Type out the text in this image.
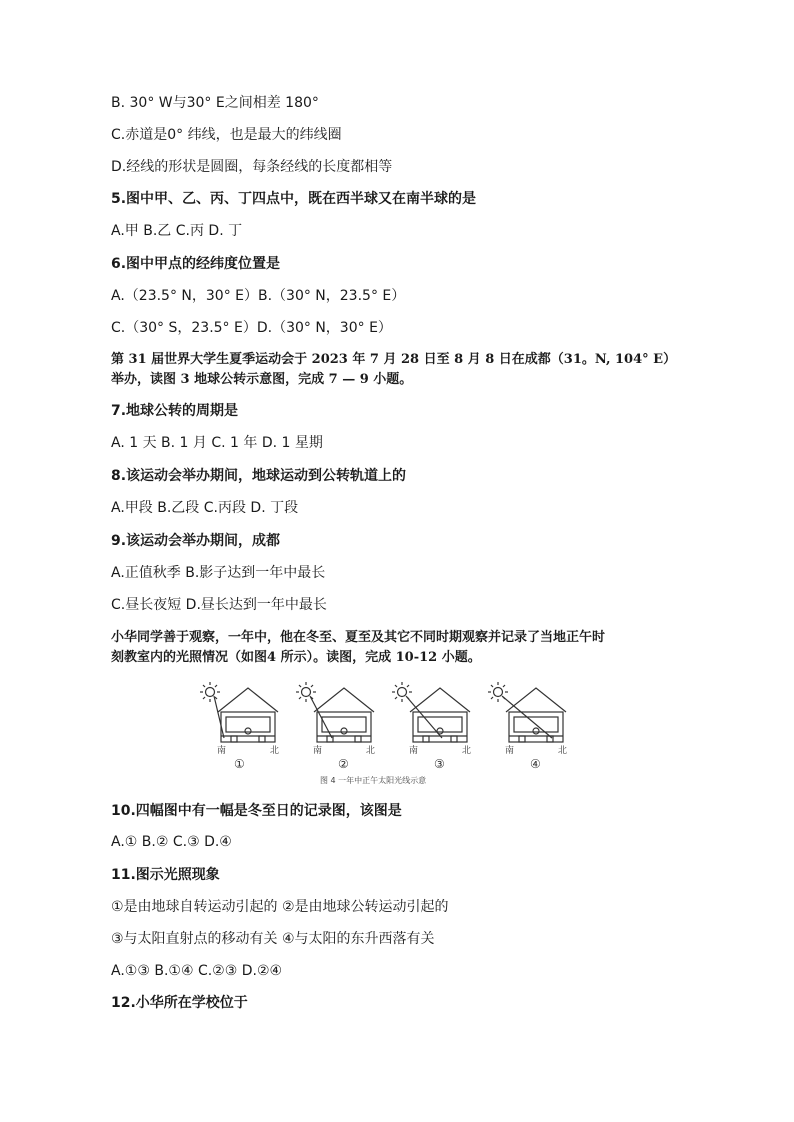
B. 30° W与30° E之间相差 180°
C.赤道是0° 纬线，也是最大的纬线圈
D.经线的形状是圆圈，每条经线的长度都相等
5.图中甲、乙、丙、丁四点中，既在西半球又在南半球的是
A.甲 B.乙 C.丙 D. 丁
6.图中甲点的经纬度位置是
A.（23.5° N，30° E）B.（30° N，23.5° E）
C.（30° S，23.5° E）D.（30° N，30° E）
第 31 届世界大学生夏季运动会于 2023 年 7 月 28 日至 8 月 8 日在成都（31。N, 104° E）
举办，读图 3 地球公转示意图，完成 7 — 9 小题。
7.地球公转的周期是
A. 1 天 B. 1 月 C. 1 年 D. 1 星期
8.该运动会举办期间，地球运动到公转轨道上的
A.甲段 B.乙段 C.丙段 D. 丁段
9.该运动会举办期间，成都
A.正值秋季 B.影子达到一年中最长
C.昼长夜短 D.昼长达到一年中最长
小华同学善于观察，一年中，他在冬至、夏至及其它不同时期观察并记录了当地正午时
刻教室内的光照情况（如图4 所示）。读图，完成 10-12 小题。
南	北	南	北	南	北	南	北
①	②	③	④
图 4 一年中正午太阳光线示意
10.四幅图中有一幅是冬至日的记录图，该图是
A.① B.② C.③ D.④
11.图示光照现象
①是由地球自转运动引起的 ②是由地球公转运动引起的
③与太阳直射点的移动有关 ④与太阳的东升西落有关
A.①③ B.①④ C.②③ D.②④
12.小华所在学校位于
